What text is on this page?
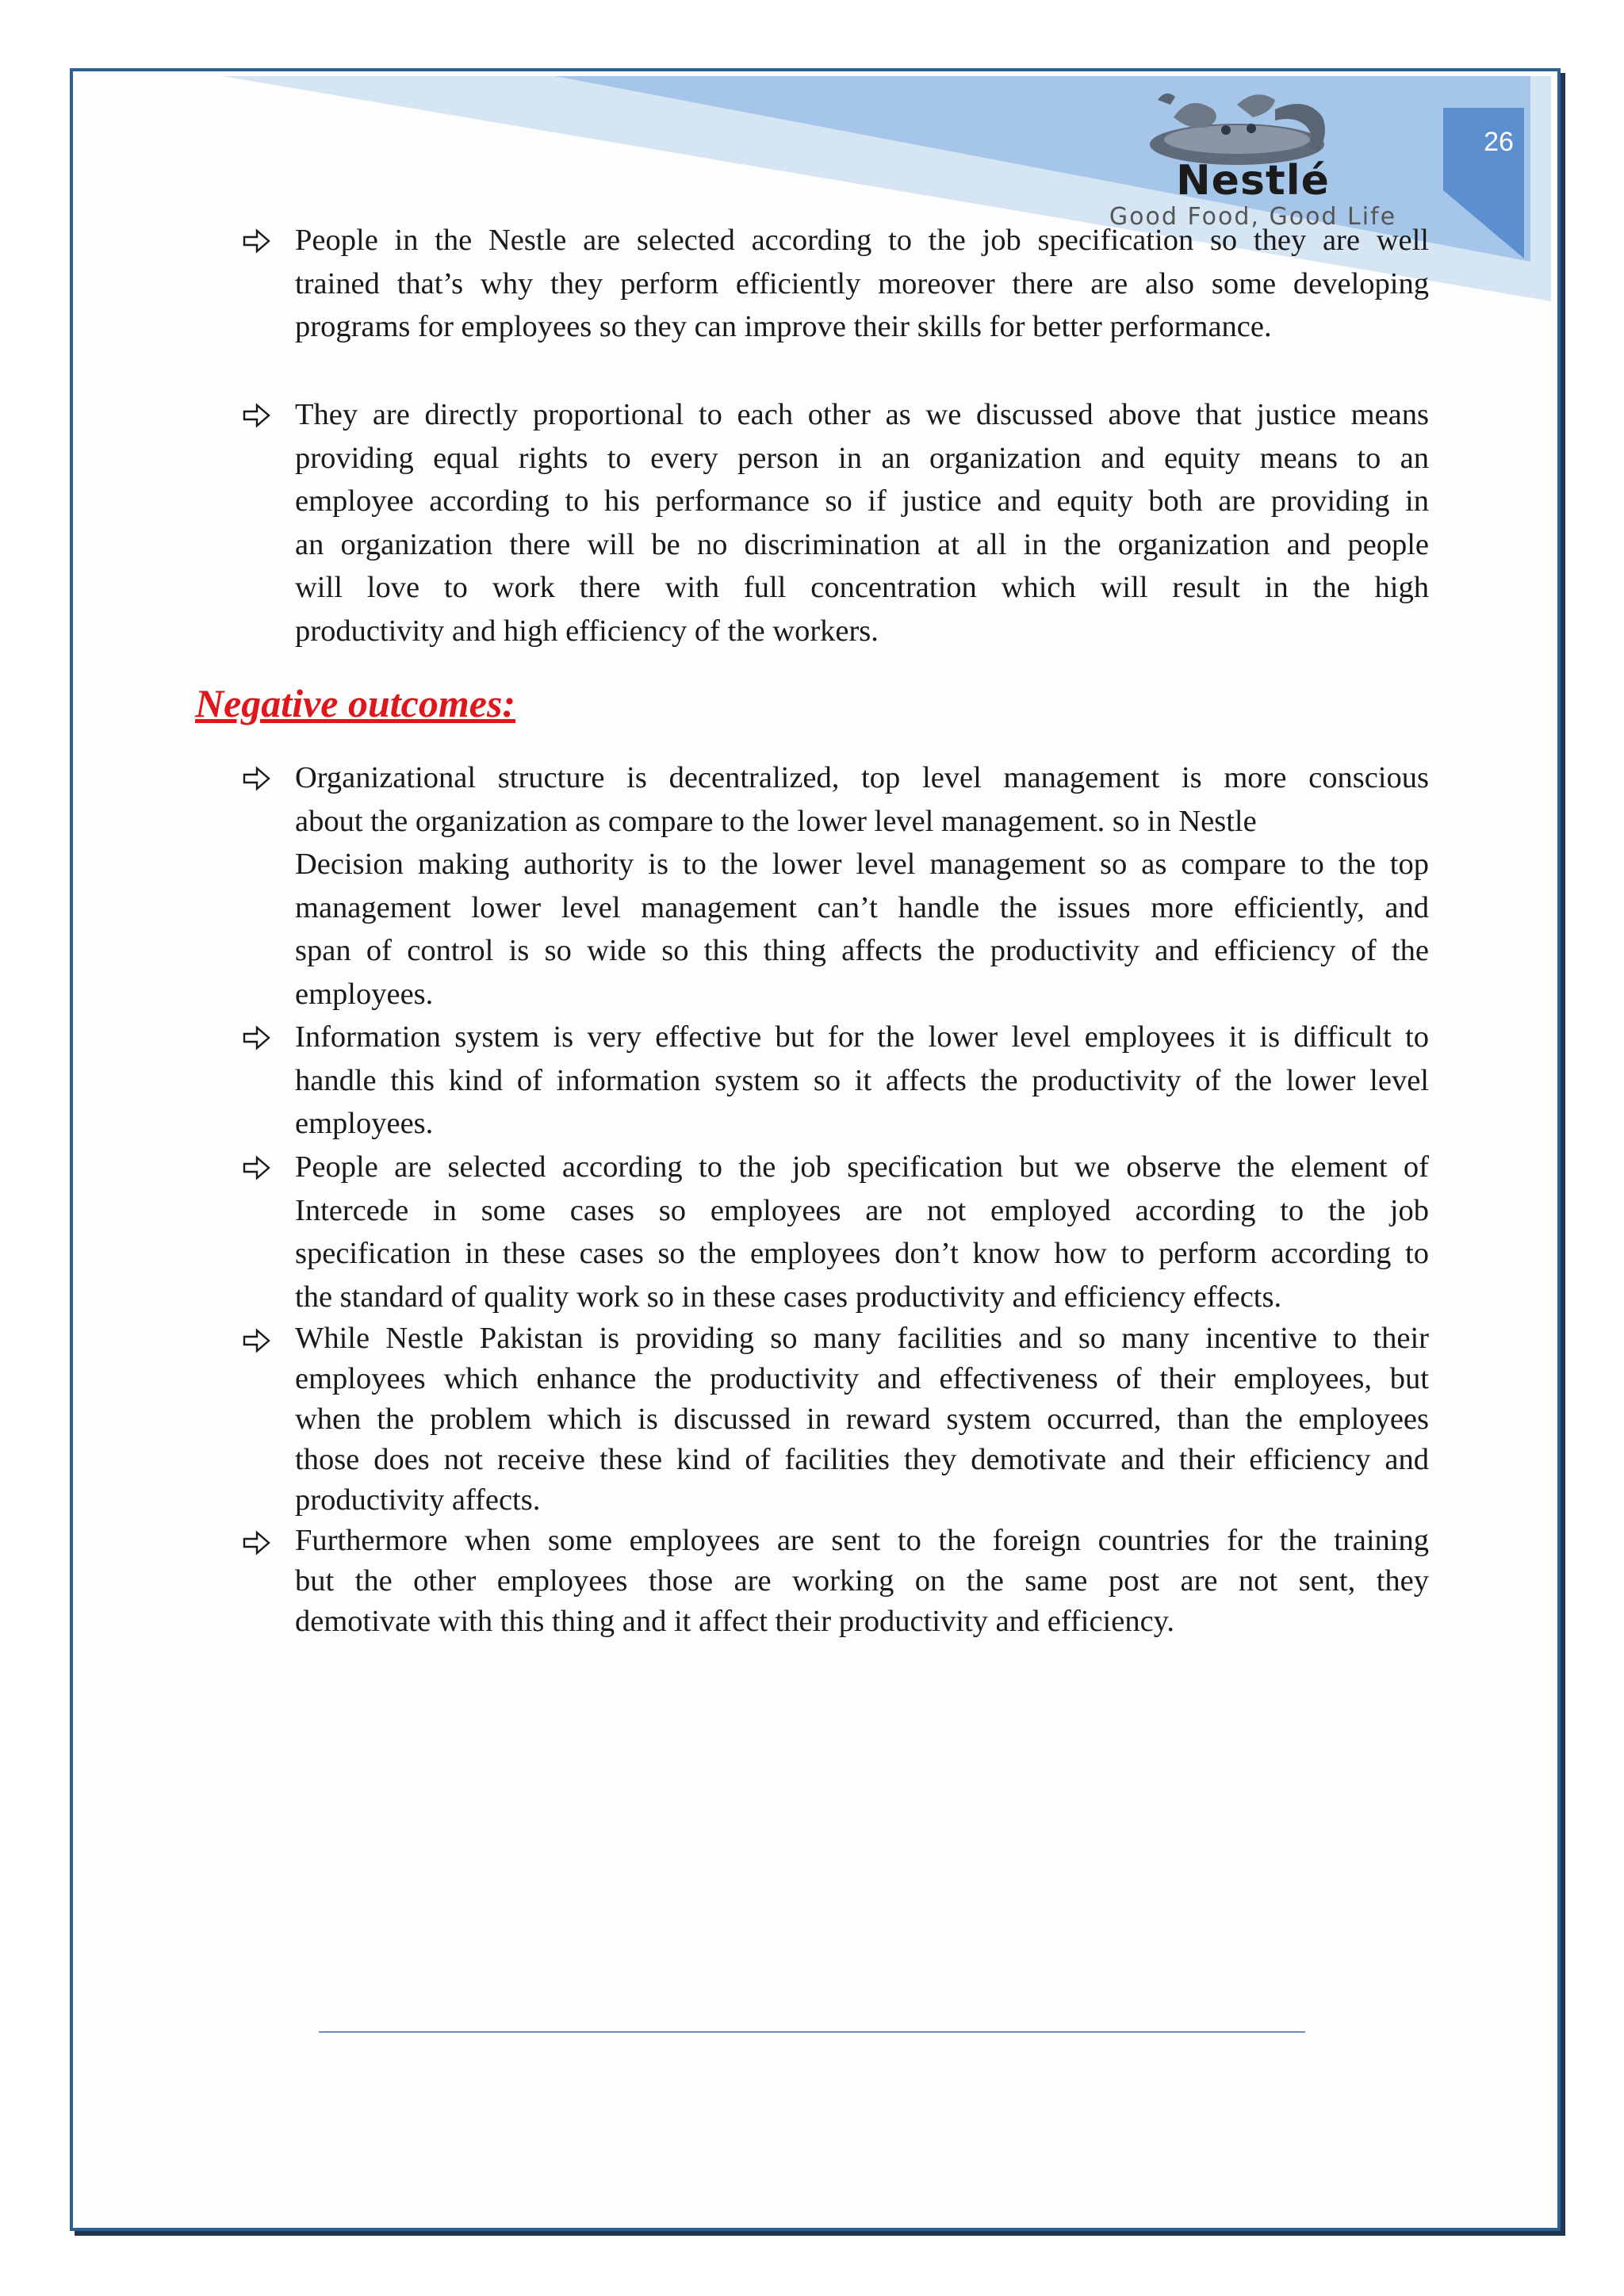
26
Nestlé
Good Food, Good Life
People in the Nestle are selected according to the job specification so they are well
trained that’s why they perform efficiently moreover there are also some developing
programs for employees so they can improve their skills for better performance.
They are directly proportional to each other as we discussed above that justice means
providing equal rights to every person in an organization and equity means to an
employee according to his performance so if justice and equity both are providing in
an organization there will be no discrimination at all in the organization and people
will love to work there with full concentration which will result in the high
productivity and high efficiency of the workers.
Negative outcomes:
Organizational structure is decentralized, top level management is more conscious
about the organization as compare to the lower level management. so in Nestle
Decision making authority is to the lower level management so as compare to the top
management lower level management can’t handle the issues more efficiently, and
span of control is so wide so this thing affects the productivity and efficiency of the
employees.
Information system is very effective but for the lower level employees it is difficult to
handle this kind of information system so it affects the productivity of the lower level
employees.
People are selected according to the job specification but we observe the element of
Intercede in some cases so employees are not employed according to the job
specification in these cases so the employees don’t know how to perform according to
the standard of quality work so in these cases productivity and efficiency effects.
While Nestle Pakistan is providing so many facilities and so many incentive to their
employees which enhance the productivity and effectiveness of their employees, but
when the problem which is discussed in reward system occurred, than the employees
those does not receive these kind of facilities they demotivate and their efficiency and
productivity affects.
Furthermore when some employees are sent to the foreign countries for the training
but the other employees those are working on the same post are not sent, they
demotivate with this thing and it affect their productivity and efficiency.
